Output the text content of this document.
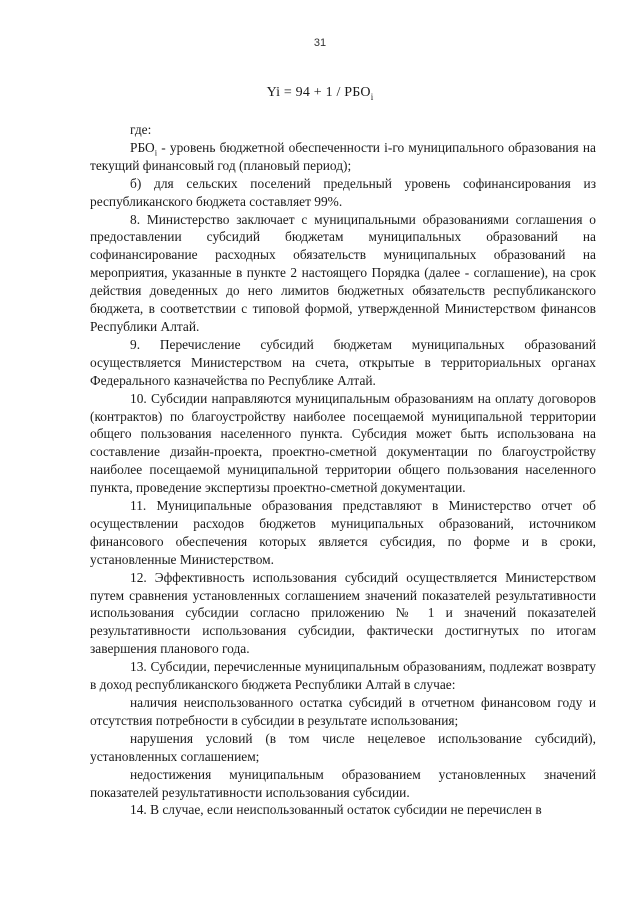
31
$Yi = 94 + 1 / РБО_i$

где:

$РБО_i$ - уровень бюджетной обеспеченности i-го муниципального образования на текущий финансовый год (плановый период);

б) для сельских поселений предельный уровень софинансирования из республиканского бюджета составляет 99%.

8. Министерство заключает с муниципальными образованиями соглашения о предоставлении субсидий бюджетам муниципальных образований на софинансирование расходных обязательств муниципальных образований на мероприятия, указанные в пункте 2 настоящего Порядка (далее - соглашение), на срок действия доведенных до него лимитов бюджетных обязательств республиканского бюджета, в соответствии с типовой формой, утвержденной Министерством финансов Республики Алтай.

9. Перечисление субсидий бюджетам муниципальных образований осуществляется Министерством на счета, открытые в территориальных органах Федерального казначейства по Республике Алтай.

10. Субсидии направляются муниципальным образованиям на оплату договоров (контрактов) по благоустройству наиболее посещаемой муниципальной территории общего пользования населенного пункта. Субсидия может быть использована на составление дизайн-проекта, проектно-сметной документации по благоустройству наиболее посещаемой муниципальной территории общего пользования населенного пункта, проведение экспертизы проектно-сметной документации.

11. Муниципальные образования представляют в Министерство отчет об осуществлении расходов бюджетов муниципальных образований, источником финансового обеспечения которых является субсидия, по форме и в сроки, установленные Министерством.

12. Эффективность использования субсидий осуществляется Министерством путем сравнения установленных соглашением значений показателей результативности использования субсидии согласно приложению № 1 и значений показателей результативности использования субсидии, фактически достигнутых по итогам завершения планового года.

13. Субсидии, перечисленные муниципальным образованиям, подлежат возврату в доход республиканского бюджета Республики Алтай в случае:

наличия неиспользованного остатка субсидий в отчетном финансовом году и отсутствия потребности в субсидии в результате использования;

нарушения условий (в том числе нецелевое использование субсидий), установленных соглашением;

недостижения муниципальным образованием установленных значений показателей результативности использования субсидии.

14. В случае, если неиспользованный остаток субсидии не перечислен в
